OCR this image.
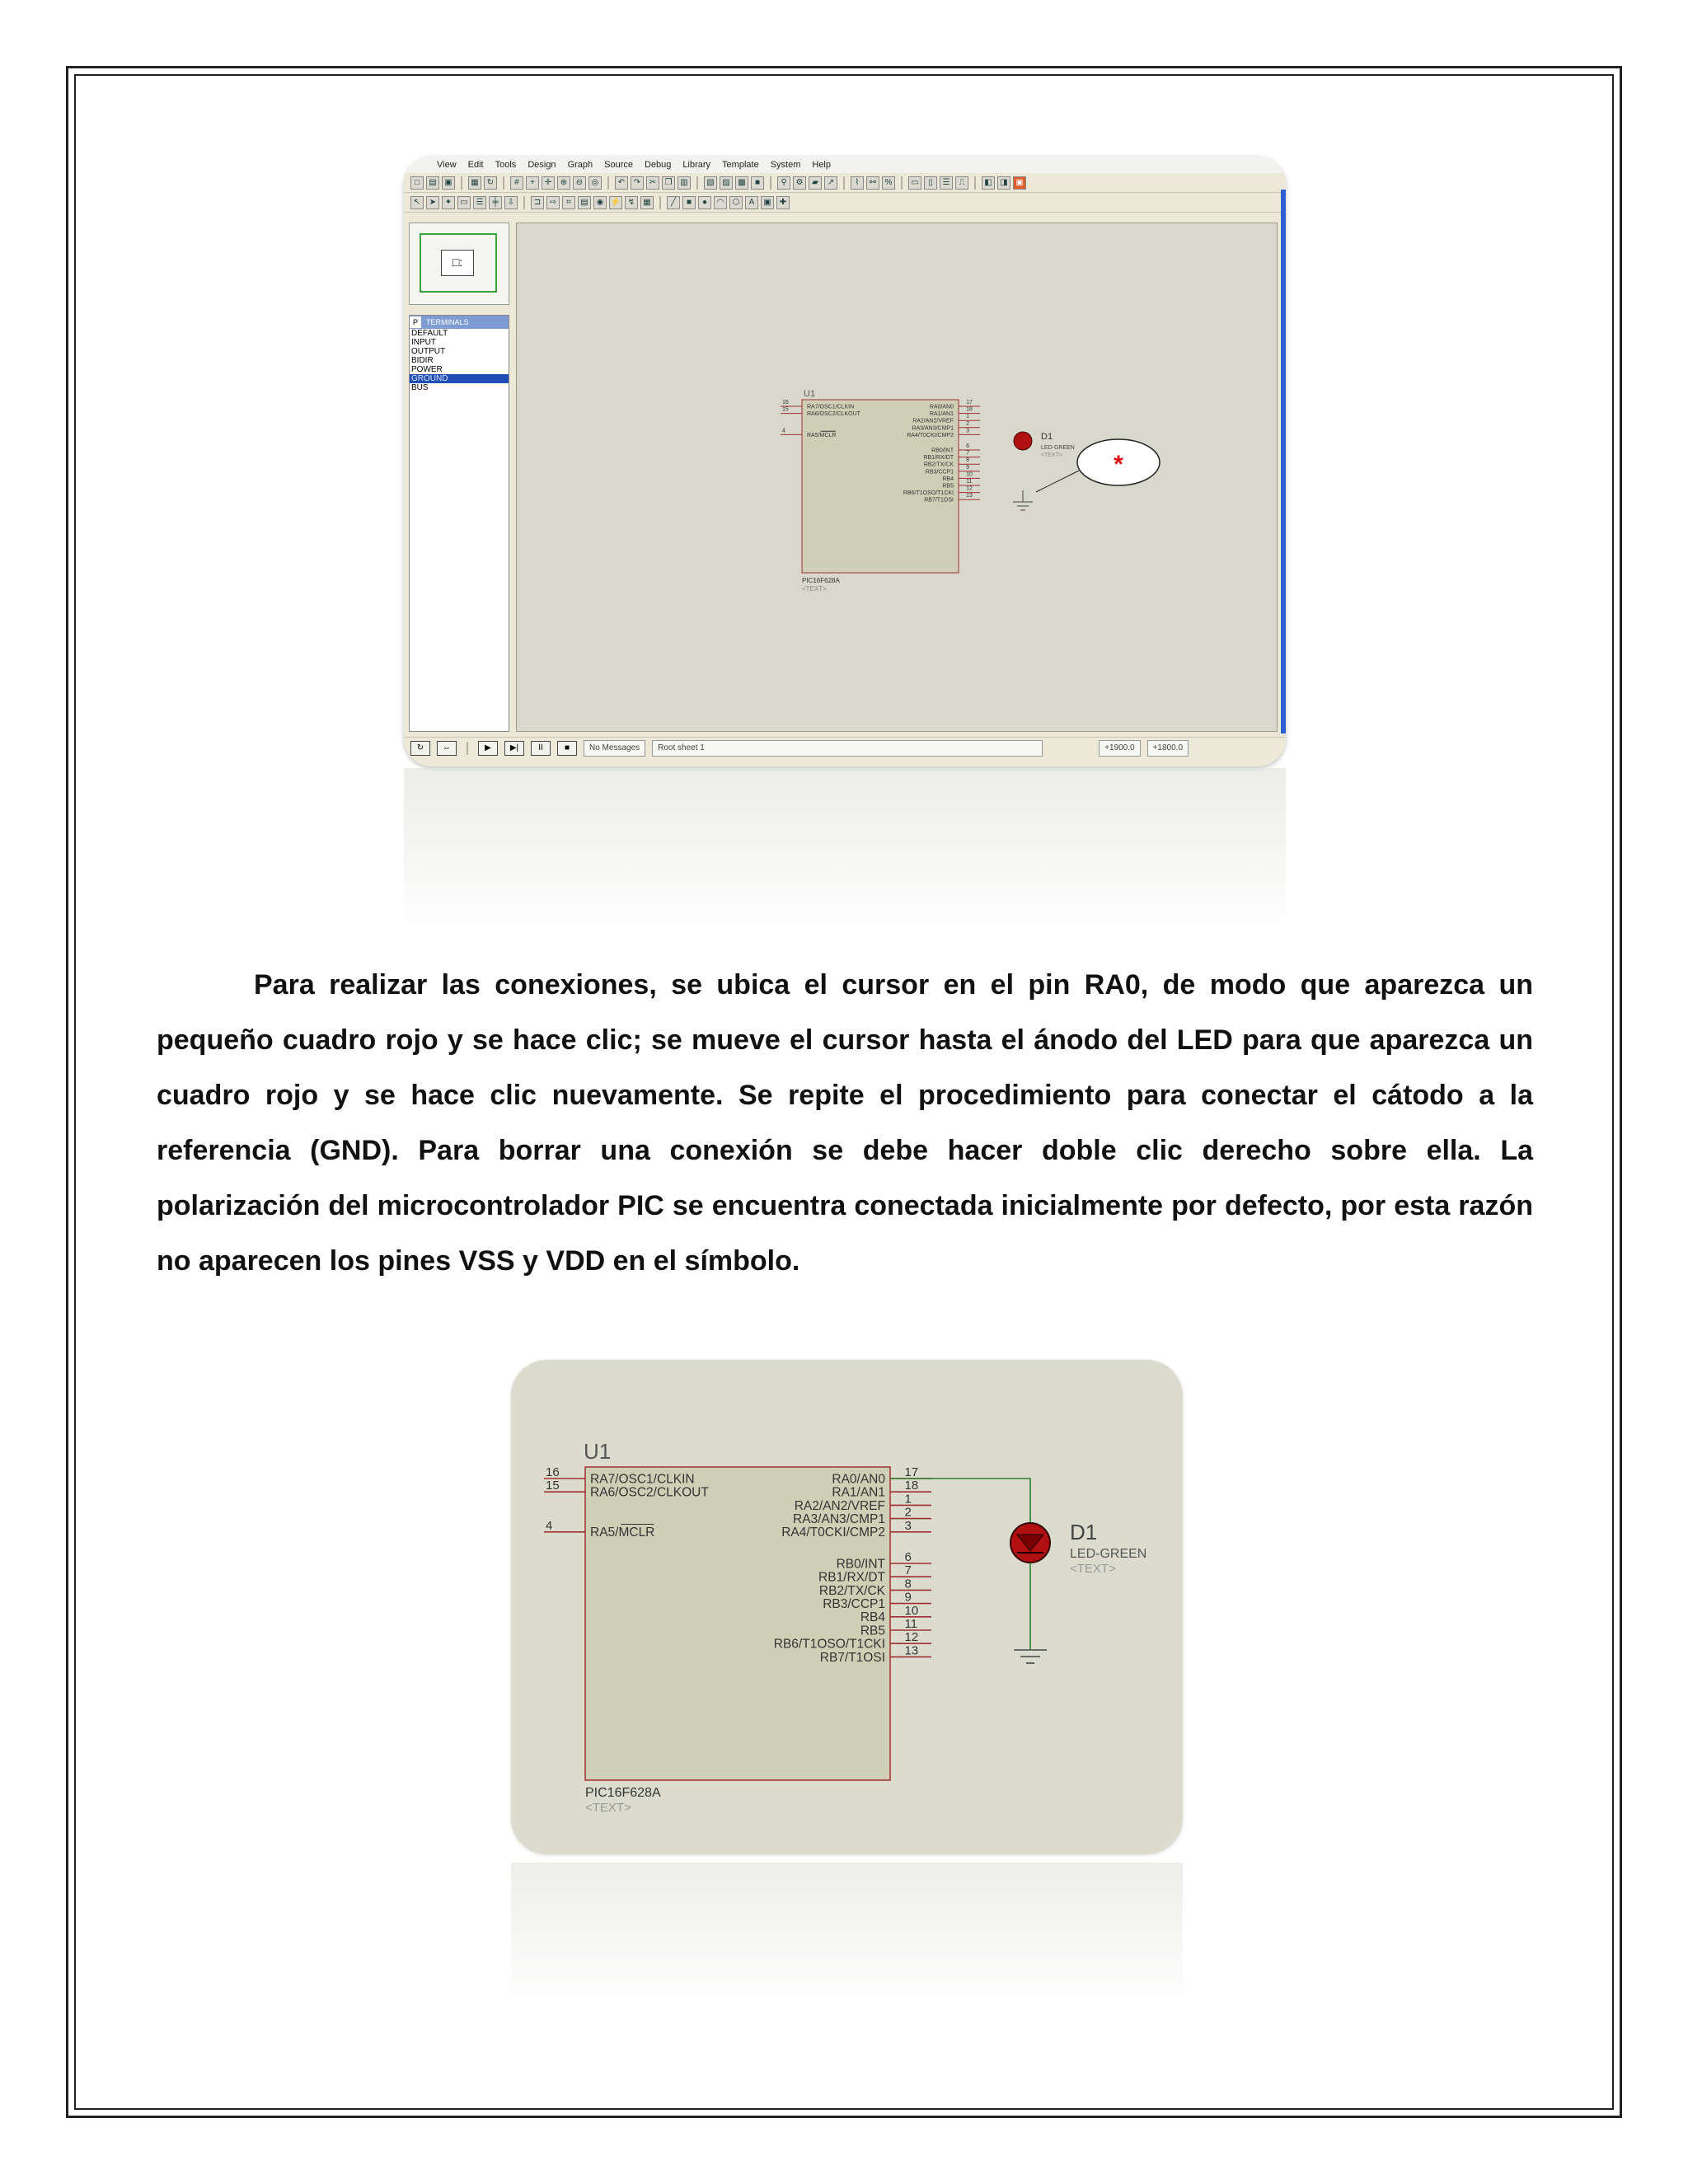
View Edit Tools Design Graph Source Debug Library Template System Help
□	▤ ▣	▦	↻	#	+	✛	⊕	⊖	◎	↶	↷	✂	❐ ▥	▧ ▨ ▩	■	⚲	⚙	▰	↗	⌇	⚯	%	▭	▯	☰	⎍	◧ ◨ ▣
↖	➤	✦	▭ ☰	╪	⇩	⊐	⇨	⌗	▤ ◉ ⚡ ↯	▦	╱	■	●	◠	⬡	A	▣	✚
□:
P	TERMINALS
DEFAULT
INPUT
OUTPUT
BIDIR
POWER
GROUND
BUS
U1
PIC16F628A
<TEXT>
16
RA7/OSC1/CLKIN
15
RA6/OSC2/CLKOUT
4
RA5/MCLR
17
RA0/AN0 18
RA1/AN1 1
RA2/AN2/VREF 2
RA3/AN3/CMP1 3
RA4/T0CKI/CMP2
6
RB0/INT 7
RB1/RX/DT 8
RB2/TX/CK 9
RB3/CCP1 10
RB4 11
RB5 12
RB6/T1OSO/T1CKI 13
RB7/T1OSI
D1
LED-GREEN
<TEXT> *
↻	⇔	▶	▶|	II	■	No Messages	Root sheet 1	+1900.0	+1800.0

Para realizar las conexiones, se ubica el cursor en el pin RA0, de modo que aparezca un pequeño cuadro rojo y se hace clic; se mueve el cursor hasta el ánodo del LED para que aparezca un cuadro rojo y se hace clic nuevamente. Se repite el procedimiento para conectar el cátodo a la referencia (GND). Para borrar una conexión se debe hacer doble clic derecho sobre ella. La polarización del microcontrolador PIC se encuentra conectada inicialmente por defecto, por esta razón no aparecen los pines VSS y VDD en el símbolo.

U1
PIC16F628A
<TEXT>
16 RA7/OSC1/CLKIN
15 RA6/OSC2/CLKOUT
4	RA5/MCLR
17
RA0/AN0 18
RA1/AN1 1
RA2/AN2/VREF 2
RA3/AN3/CMP1 3
RA4/T0CKI/CMP2
6
RB0/INT 7
RB1/RX/DT 8
RB2/TX/CK 9
RB3/CCP1 10
RB4 11
RB5 12
RB6/T1OSO/T1CKI 13
RB7/T1OSI
D1
LED-GREEN
<TEXT>
